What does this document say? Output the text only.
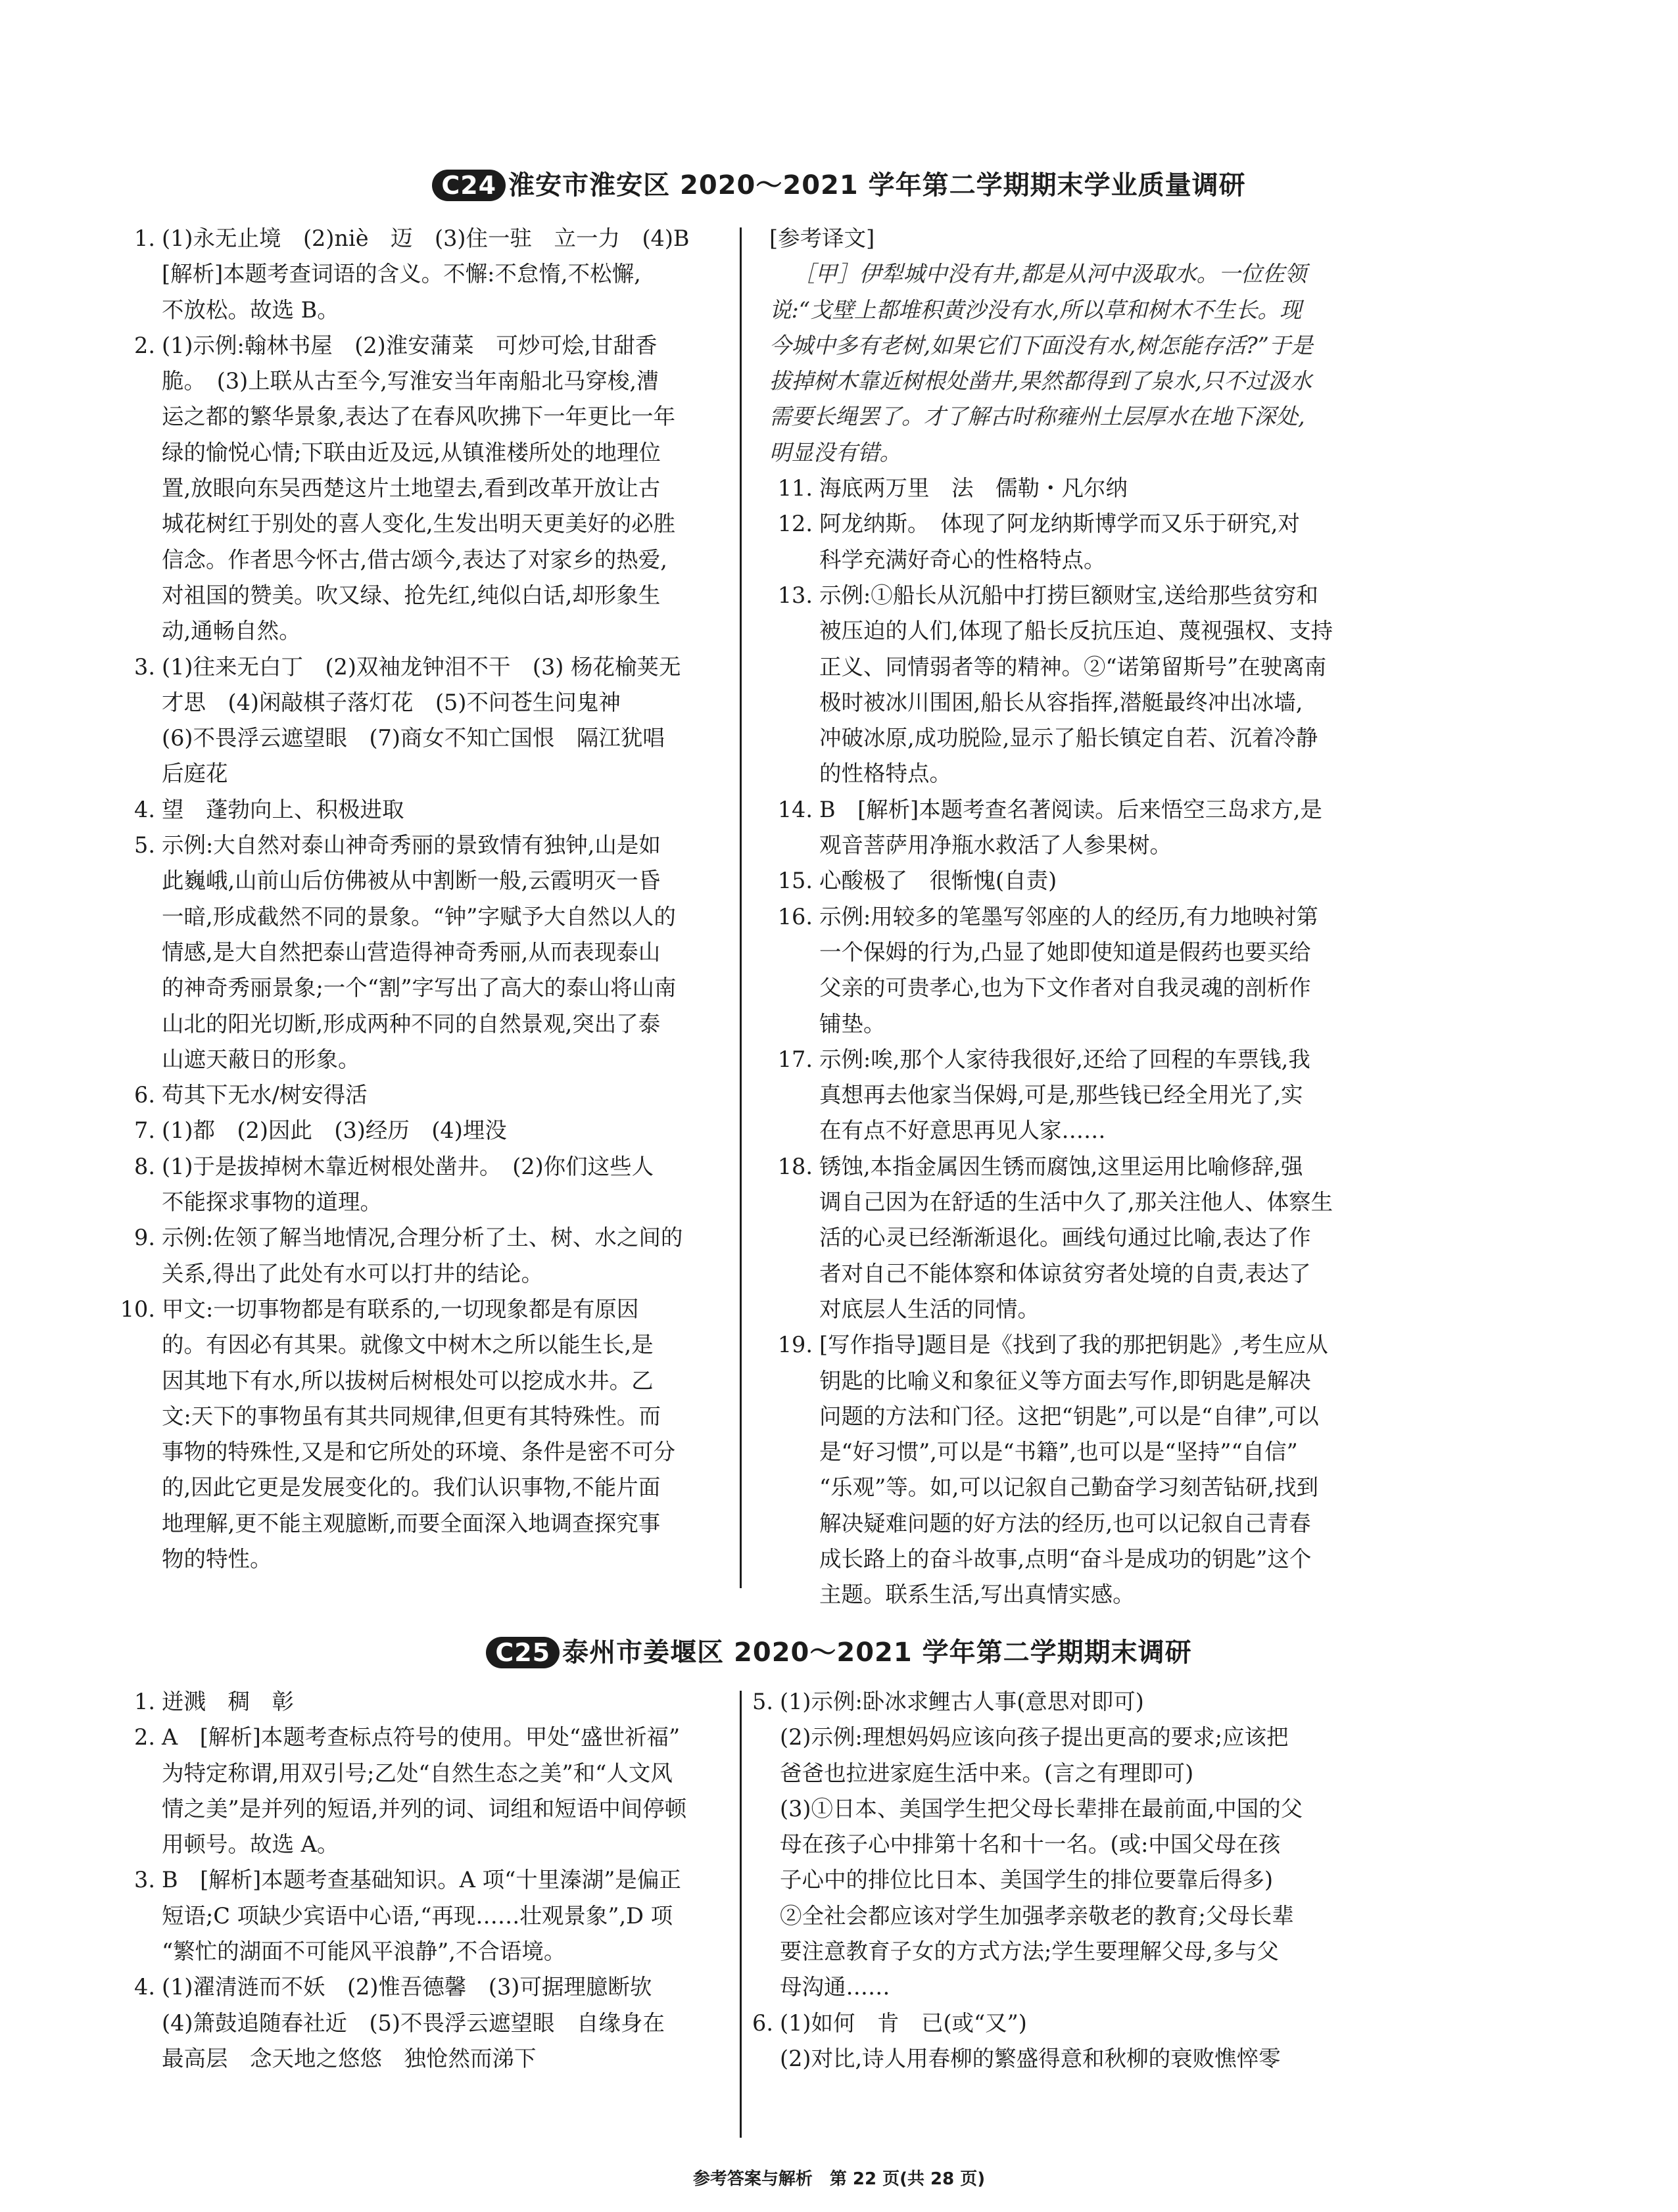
C24 淮安市淮安区 2020～2021 学年第二学期期末学业质量调研
1. (1)永无止境　(2)niè　迈　(3)住一驻　立一力　(4)B
[解析]本题考查词语的含义。不懈:不怠惰,不松懈,
不放松。故选 B。
2. (1)示例:翰林书屋　(2)淮安蒲菜　可炒可烩,甘甜香
脆。　(3)上联从古至今,写淮安当年南船北马穿梭,漕
运之都的繁华景象,表达了在春风吹拂下一年更比一年
绿的愉悦心情;下联由近及远,从镇淮楼所处的地理位
置,放眼向东吴西楚这片土地望去,看到改革开放让古
城花树红于别处的喜人变化,生发出明天更美好的必胜
信念。作者思今怀古,借古颂今,表达了对家乡的热爱,
对祖国的赞美。吹又绿、抢先红,纯似白话,却形象生
动,通畅自然。
3. (1)往来无白丁　(2)双袖龙钟泪不干　(3) 杨花榆荚无
才思　(4)闲敲棋子落灯花　(5)不问苍生问鬼神
(6)不畏浮云遮望眼　(7)商女不知亡国恨　隔江犹唱
后庭花
4. 望　蓬勃向上、积极进取
5. 示例:大自然对泰山神奇秀丽的景致情有独钟,山是如
此巍峨,山前山后仿佛被从中割断一般,云霞明灭一昏
一暗,形成截然不同的景象。“钟”字赋予大自然以人的
情感,是大自然把泰山营造得神奇秀丽,从而表现泰山
的神奇秀丽景象;一个“割”字写出了高大的泰山将山南
山北的阳光切断,形成两种不同的自然景观,突出了泰
山遮天蔽日的形象。
6. 苟其下无水/树安得活
7. (1)都　(2)因此　(3)经历　(4)埋没
8. (1)于是拔掉树木靠近树根处凿井。　(2)你们这些人
不能探求事物的道理。
9. 示例:佐领了解当地情况,合理分析了土、树、水之间的
关系,得出了此处有水可以打井的结论。
10. 甲文:一切事物都是有联系的,一切现象都是有原因
的。有因必有其果。就像文中树木之所以能生长,是
因其地下有水,所以拔树后树根处可以挖成水井。乙
文:天下的事物虽有其共同规律,但更有其特殊性。而
事物的特殊性,又是和它所处的环境、条件是密不可分
的,因此它更是发展变化的。我们认识事物,不能片面
地理解,更不能主观臆断,而要全面深入地调查探究事
物的特性。
[参考译文]
［甲］伊犁城中没有井,都是从河中汲取水。一位佐领
说:“戈壁上都堆积黄沙没有水,所以草和树木不生长。现
今城中多有老树,如果它们下面没有水,树怎能存活?”于是
拔掉树木靠近树根处凿井,果然都得到了泉水,只不过汲水
需要长绳罢了。才了解古时称雍州土层厚水在地下深处,
明显没有错。
11. 海底两万里　法　儒勒・凡尔纳
12. 阿龙纳斯。　体现了阿龙纳斯博学而又乐于研究,对
科学充满好奇心的性格特点。
13. 示例:①船长从沉船中打捞巨额财宝,送给那些贫穷和
被压迫的人们,体现了船长反抗压迫、蔑视强权、支持
正义、同情弱者等的精神。②“诺第留斯号”在驶离南
极时被冰川围困,船长从容指挥,潜艇最终冲出冰墙,
冲破冰原,成功脱险,显示了船长镇定自若、沉着冷静
的性格特点。
14. B　[解析]本题考查名著阅读。后来悟空三岛求方,是
观音菩萨用净瓶水救活了人参果树。
15. 心酸极了　很惭愧(自责)
16. 示例:用较多的笔墨写邻座的人的经历,有力地映衬第
一个保姆的行为,凸显了她即使知道是假药也要买给
父亲的可贵孝心,也为下文作者对自我灵魂的剖析作
铺垫。
17. 示例:唉,那个人家待我很好,还给了回程的车票钱,我
真想再去他家当保姆,可是,那些钱已经全用光了,实
在有点不好意思再见人家……
18. 锈蚀,本指金属因生锈而腐蚀,这里运用比喻修辞,强
调自己因为在舒适的生活中久了,那关注他人、体察生
活的心灵已经渐渐退化。画线句通过比喻,表达了作
者对自己不能体察和体谅贫穷者处境的自责,表达了
对底层人生活的同情。
19. [写作指导]题目是《找到了我的那把钥匙》,考生应从
钥匙的比喻义和象征义等方面去写作,即钥匙是解决
问题的方法和门径。这把“钥匙”,可以是“自律”,可以
是“好习惯”,可以是“书籍”,也可以是“坚持”“自信”
“乐观”等。如,可以记叙自己勤奋学习刻苦钻研,找到
解决疑难问题的好方法的经历,也可以记叙自己青春
成长路上的奋斗故事,点明“奋斗是成功的钥匙”这个
主题。联系生活,写出真情实感。
C25 泰州市姜堰区 2020～2021 学年第二学期期末调研
1. 迸溅　稠　彰
2. A　[解析]本题考查标点符号的使用。甲处“盛世祈福”
为特定称谓,用双引号;乙处“自然生态之美”和“人文风
情之美”是并列的短语,并列的词、词组和短语中间停顿
用顿号。故选 A。
3. B　[解析]本题考查基础知识。A 项“十里溱湖”是偏正
短语;C 项缺少宾语中心语,“再现……壮观景象”,D 项
“繁忙的湖面不可能风平浪静”,不合语境。
4. (1)濯清涟而不妖　(2)惟吾德馨　(3)可据理臆断欤
(4)箫鼓追随春社近　(5)不畏浮云遮望眼　自缘身在
最高层　念天地之悠悠　独怆然而涕下
5. (1)示例:卧冰求鲤古人事(意思对即可)
(2)示例:理想妈妈应该向孩子提出更高的要求;应该把
爸爸也拉进家庭生活中来。(言之有理即可)
(3)①日本、美国学生把父母长辈排在最前面,中国的父
母在孩子心中排第十名和十一名。(或:中国父母在孩
子心中的排位比日本、美国学生的排位要靠后得多)
②全社会都应该对学生加强孝亲敬老的教育;父母长辈
要注意教育子女的方式方法;学生要理解父母,多与父
母沟通……
6. (1)如何　肯　已(或“又”)
(2)对比,诗人用春柳的繁盛得意和秋柳的衰败憔悴零
参考答案与解析　第 22 页(共 28 页)
